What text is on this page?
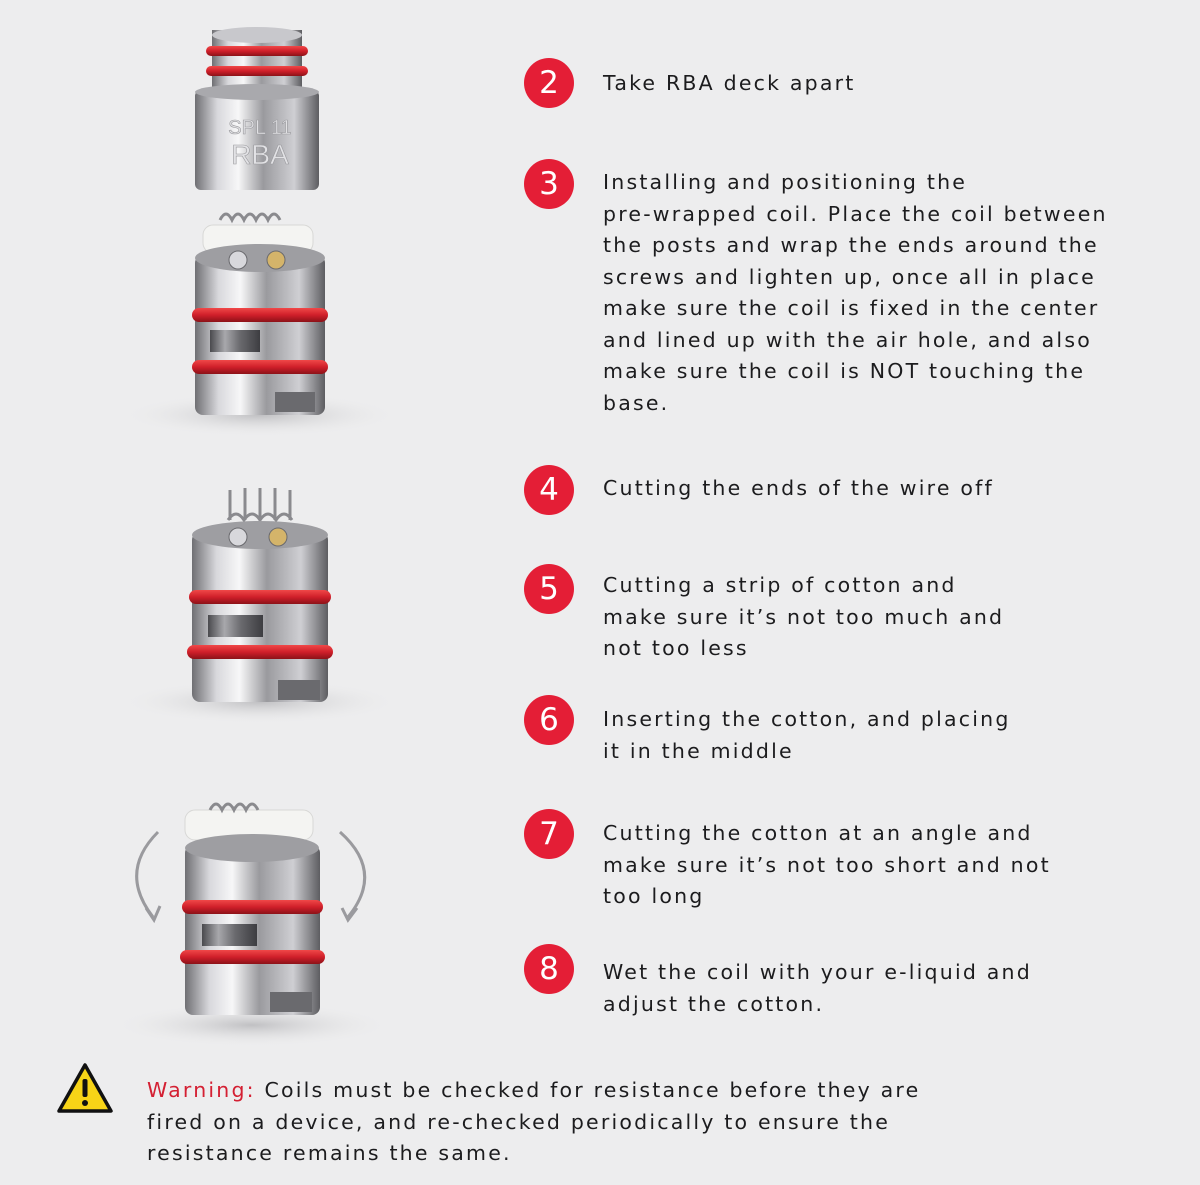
SPL 11
RBA
2	Take RBA deck apart
3	Installing and positioning the
pre-wrapped coil. Place the coil between
the posts and wrap the ends around the
screws and lighten up, once all in place
make sure the coil is fixed in the center
and lined up with the air hole, and also
make sure the coil is NOT touching the
base.
4	Cutting the ends of the wire off
5	Cutting a strip of cotton and
make sure it’s not too much and
not too less
6	Inserting the cotton, and placing
it in the middle
7	Cutting the cotton at an angle and
make sure it’s not too short and not
too long
8	Wet the coil with your e-liquid and
adjust the cotton.
Warning: Coils must be checked for resistance before they are
fired on a device, and re-checked periodically to ensure the
resistance remains the same.
